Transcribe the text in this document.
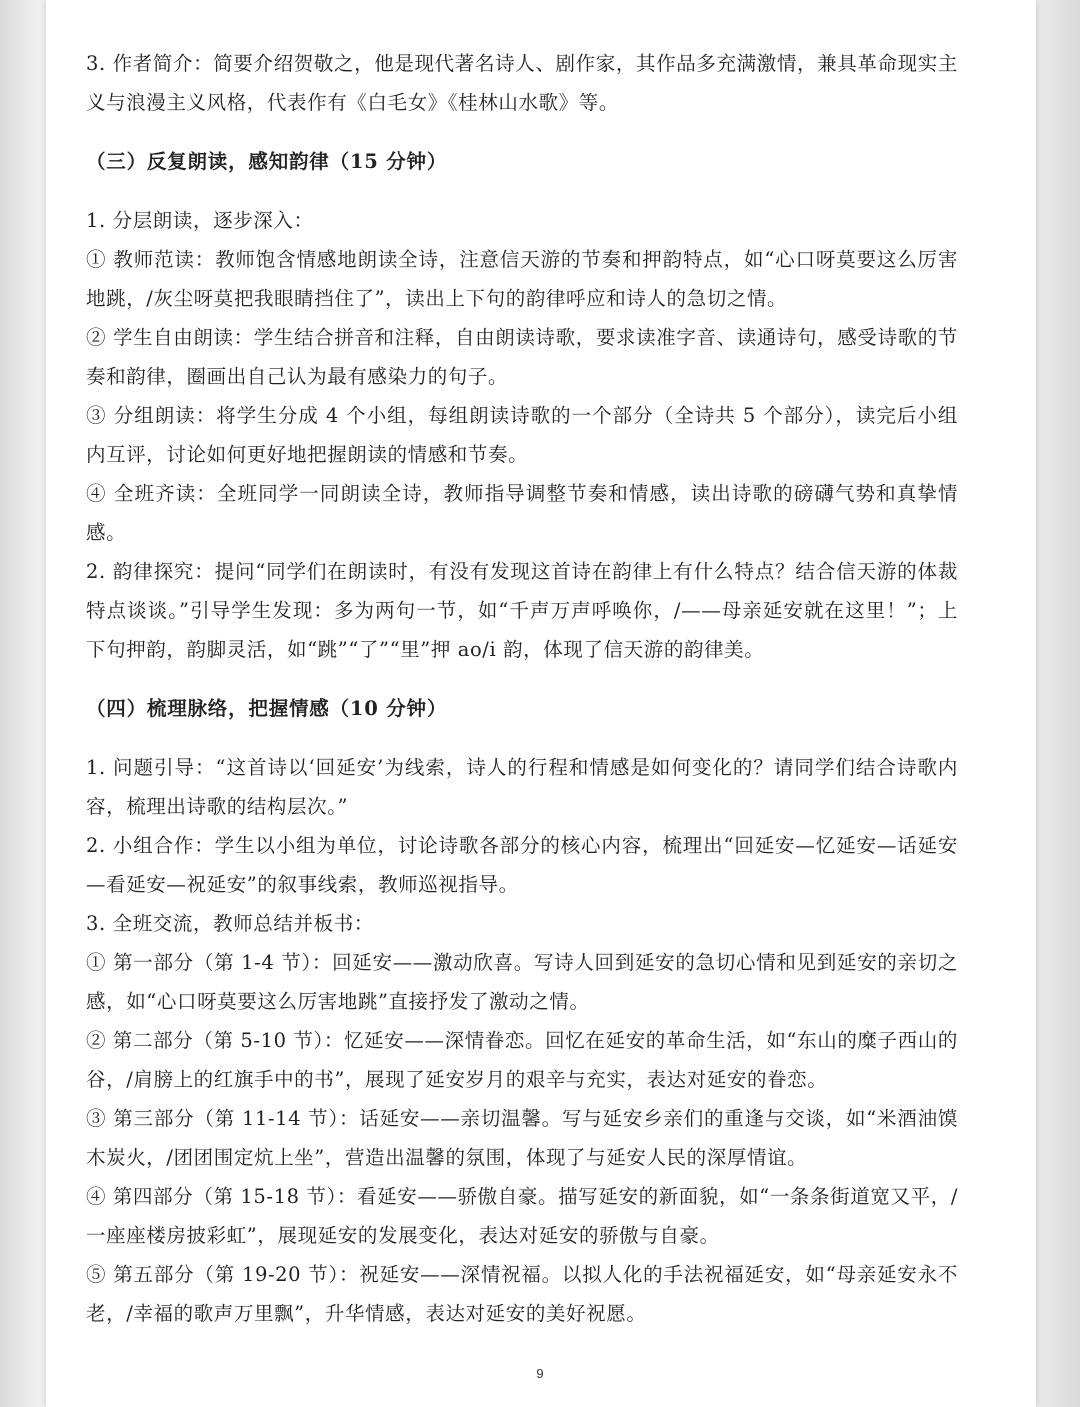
3. 作者简介：简要介绍贺敬之，他是现代著名诗人、剧作家，其作品多充满激情，兼具革命现实主义与浪漫主义风格，代表作有《白毛女》《桂林山水歌》等。

（三）反复朗读，感知韵律（15 分钟）

1. 分层朗读，逐步深入：

① 教师范读：教师饱含情感地朗读全诗，注意信天游的节奏和押韵特点，如“心口呀莫要这么厉害地跳，/灰尘呀莫把我眼睛挡住了”，读出上下句的韵律呼应和诗人的急切之情。

② 学生自由朗读：学生结合拼音和注释，自由朗读诗歌，要求读准字音、读通诗句，感受诗歌的节奏和韵律，圈画出自己认为最有感染力的句子。

③ 分组朗读：将学生分成 4 个小组，每组朗读诗歌的一个部分（全诗共 5 个部分），读完后小组内互评，讨论如何更好地把握朗读的情感和节奏。

④ 全班齐读：全班同学一同朗读全诗，教师指导调整节奏和情感，读出诗歌的磅礴气势和真挚情感。

2. 韵律探究：提问“同学们在朗读时，有没有发现这首诗在韵律上有什么特点？结合信天游的体裁特点谈谈。”引导学生发现：多为两句一节，如“千声万声呼唤你，/——母亲延安就在这里！”；上下句押韵，韵脚灵活，如“跳”“了”“里”押 ao/i 韵，体现了信天游的韵律美。

（四）梳理脉络，把握情感（10 分钟）

1. 问题引导：“这首诗以‘回延安’为线索，诗人的行程和情感是如何变化的？请同学们结合诗歌内容，梳理出诗歌的结构层次。”

2. 小组合作：学生以小组为单位，讨论诗歌各部分的核心内容，梳理出“回延安—忆延安—话延安—看延安—祝延安”的叙事线索，教师巡视指导。

3. 全班交流，教师总结并板书：

① 第一部分（第 1-4 节）：回延安——激动欣喜。写诗人回到延安的急切心情和见到延安的亲切之感，如“心口呀莫要这么厉害地跳”直接抒发了激动之情。

② 第二部分（第 5-10 节）：忆延安——深情眷恋。回忆在延安的革命生活，如“东山的糜子西山的谷，/肩膀上的红旗手中的书”，展现了延安岁月的艰辛与充实，表达对延安的眷恋。

③ 第三部分（第 11-14 节）：话延安——亲切温馨。写与延安乡亲们的重逢与交谈，如“米酒油馍木炭火，/团团围定炕上坐”，营造出温馨的氛围，体现了与延安人民的深厚情谊。

④ 第四部分（第 15-18 节）：看延安——骄傲自豪。描写延安的新面貌，如“一条条街道宽又平，/一座座楼房披彩虹”，展现延安的发展变化，表达对延安的骄傲与自豪。

⑤ 第五部分（第 19-20 节）：祝延安——深情祝福。以拟人化的手法祝福延安，如“母亲延安永不老，/幸福的歌声万里飘”，升华情感，表达对延安的美好祝愿。

9
